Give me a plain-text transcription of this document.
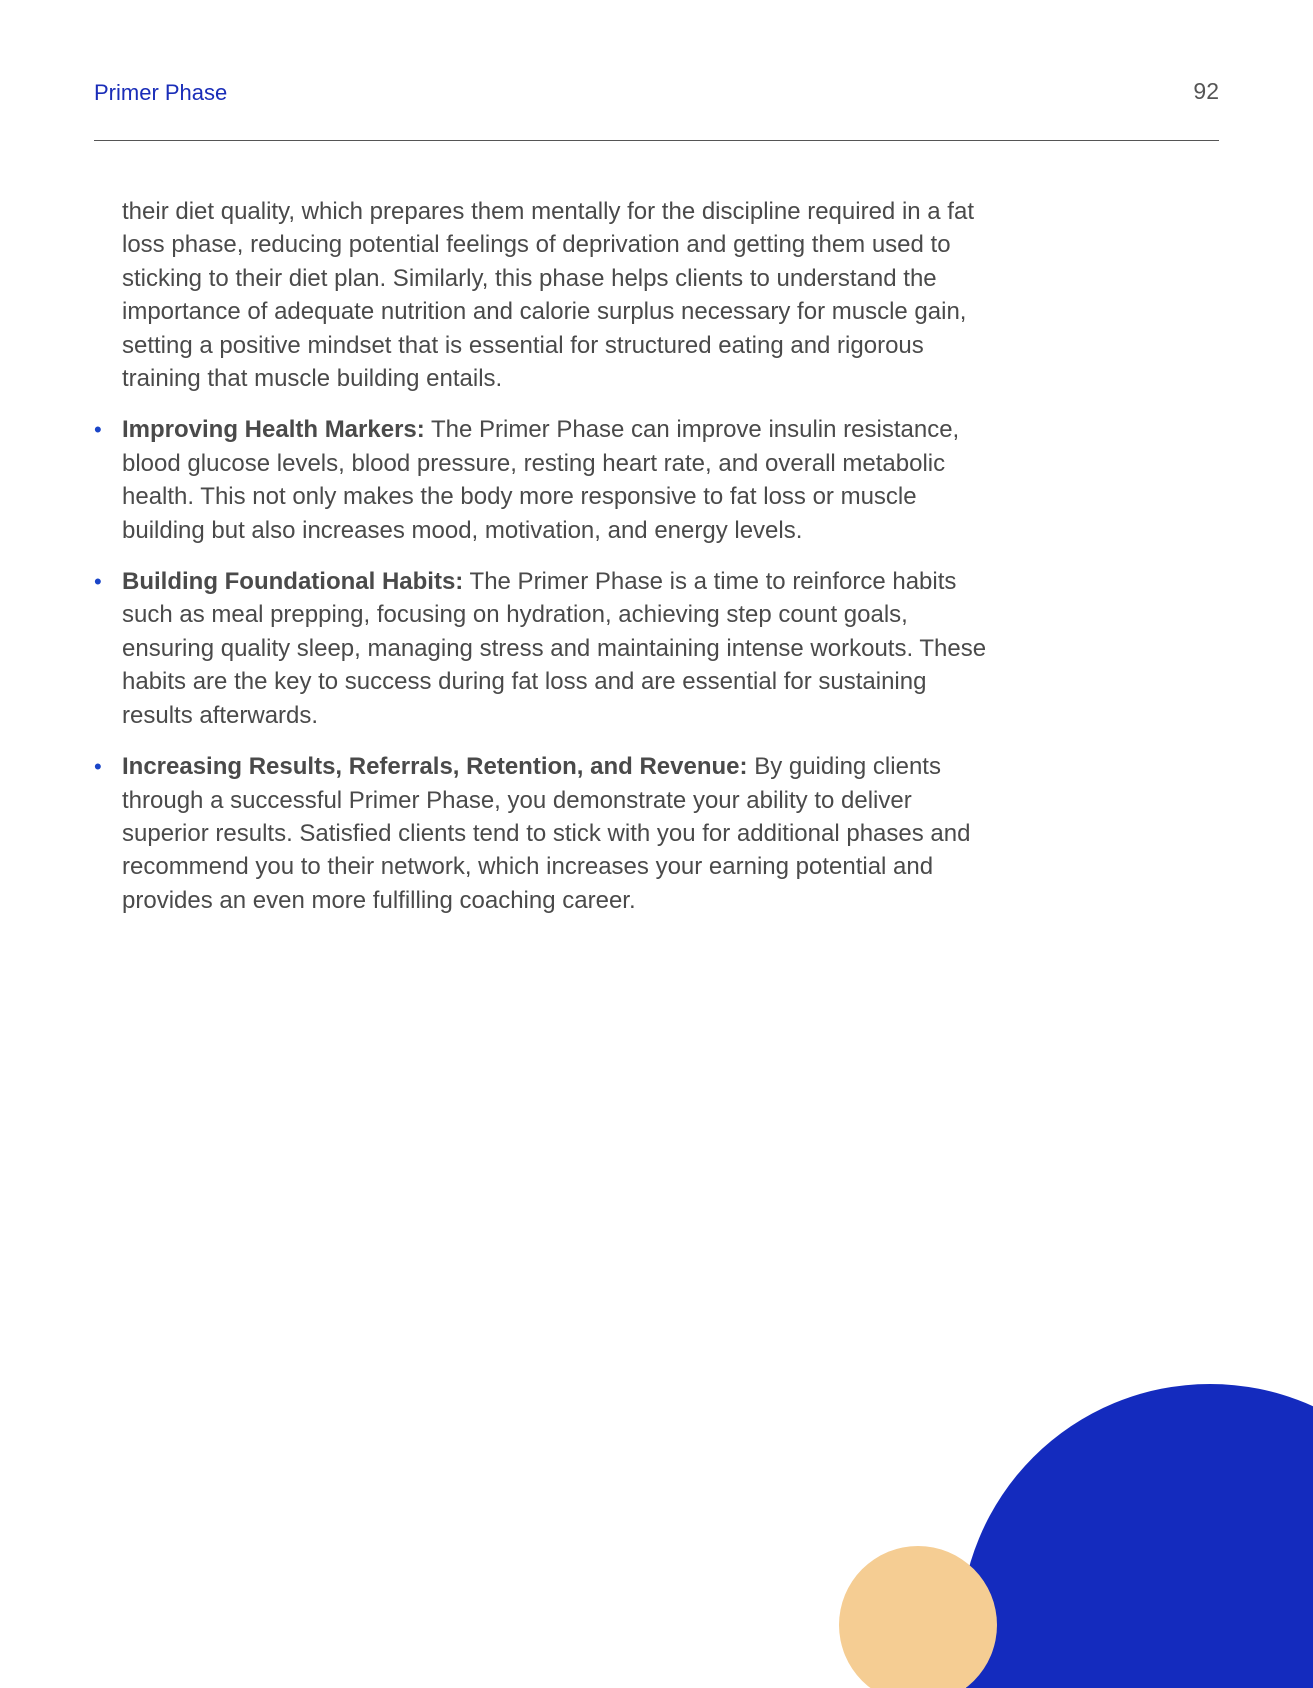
Primer Phase	92

their diet quality, which prepares them mentally for the discipline required in a fat loss phase, reducing potential feelings of deprivation and getting them used to sticking to their diet plan. Similarly, this phase helps clients to understand the importance of adequate nutrition and calorie surplus necessary for muscle gain, setting a positive mindset that is essential for structured eating and rigorous training that muscle building entails.

• Improving Health Markers: The Primer Phase can improve insulin resistance, blood glucose levels, blood pressure, resting heart rate, and overall metabolic health. This not only makes the body more responsive to fat loss or muscle building but also increases mood, motivation, and energy levels.
• Building Foundational Habits: The Primer Phase is a time to reinforce habits such as meal prepping, focusing on hydration, achieving step count goals, ensuring quality sleep, managing stress and maintaining intense workouts. These habits are the key to success during fat loss and are essential for sustaining results afterwards.
• Increasing Results, Referrals, Retention, and Revenue: By guiding clients through a successful Primer Phase, you demonstrate your ability to deliver superior results. Satisfied clients tend to stick with you for additional phases and recommend you to their network, which increases your earning potential and provides an even more fulfilling coaching career.
